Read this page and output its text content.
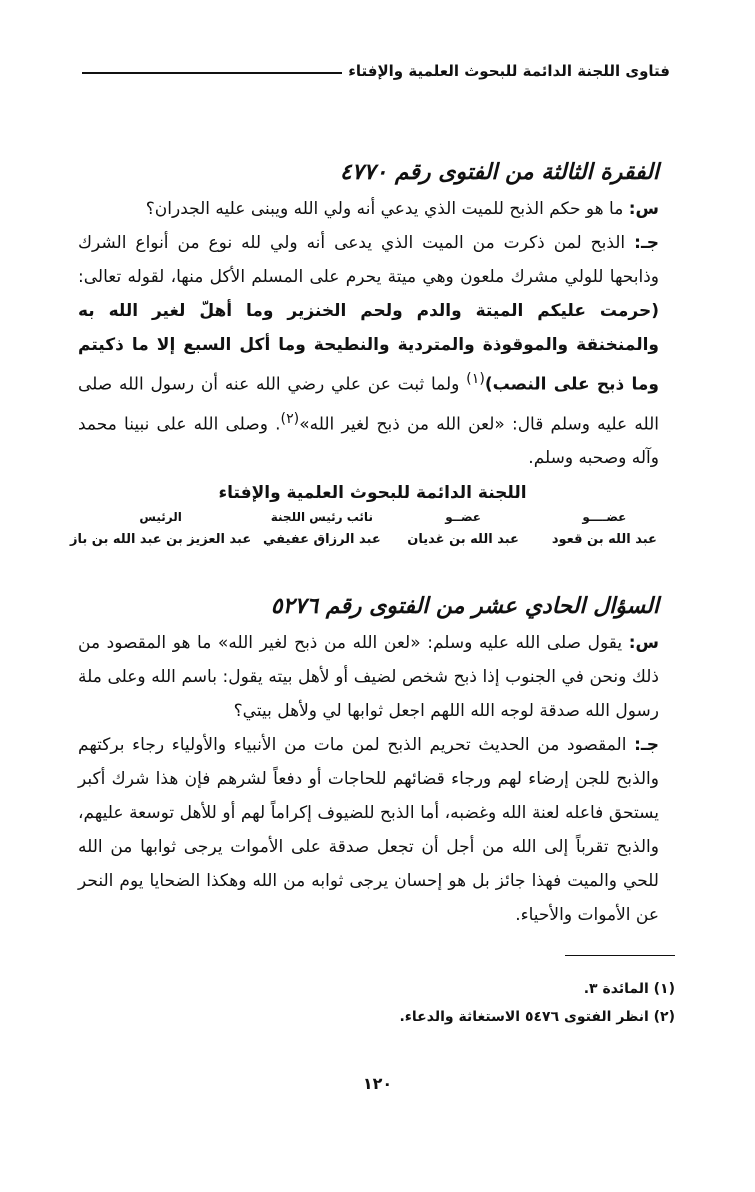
فتاوى اللجنة الدائمة للبحوث العلمية والإفتاء
الفقرة الثالثة من الفتوى رقم ٤٧٧٠

س: ما هو حكم الذبح للميت الذي يدعي أنه ولي الله ويبنى عليه الجدران؟

جـ: الذبح لمن ذكرت من الميت الذي يدعى أنه ولي لله نوع من أنواع الشرك وذابحها للولي مشرك ملعون وهي ميتة يحرم على المسلم الأكل منها، لقوله تعالى: (حرمت عليكم الميتة والدم ولحم الخنزير وما أهلّ لغير الله به والمنخنقة والموقوذة والمتردية والنطيحة وما أكل السبع إلا ما ذكيتم وما ذبح على النصب)$^{(١)}$ ولما ثبت عن علي رضي الله عنه أن رسول الله صلى الله عليه وسلم قال: «لعن الله من ذبح لغير الله»$^{(٢)}$. وصلى الله على نبينا محمد وآله وصحبه وسلم.

اللجنة الدائمة للبحوث العلمية والإفتاء

عضــــو
عضــو
نائب رئيس اللجنة
الرئيس
عبد الله بن قعود
عبد الله بن غديان
عبد الرزاق عفيفي
عبد العزيز بن عبد الله بن باز
السؤال الحادي عشر من الفتوى رقم ٥٢٧٦

س: يقول صلى الله عليه وسلم: «لعن الله من ذبح لغير الله» ما هو المقصود من ذلك ونحن في الجنوب إذا ذبح شخص لضيف أو لأهل بيته يقول: باسم الله وعلى ملة رسول الله صدقة لوجه الله اللهم اجعل ثوابها لي ولأهل بيتي؟

جـ: المقصود من الحديث تحريم الذبح لمن مات من الأنبياء والأولياء رجاء بركتهم والذبح للجن إرضاء لهم ورجاء قضائهم للحاجات أو دفعاً لشرهم فإن هذا شرك أكبر يستحق فاعله لعنة الله وغضبه، أما الذبح للضيوف إكراماً لهم أو للأهل توسعة عليهم، والذبح تقرباً إلى الله من أجل أن تجعل صدقة على الأموات يرجى ثوابها من الله للحي والميت فهذا جائز بل هو إحسان يرجى ثوابه من الله وهكذا الضحايا يوم النحر عن الأموات والأحياء.

(١) المائدة ٣.

(٢) انظر الفتوى ٥٤٧٦ الاستغاثة والدعاء.

١٢٠
